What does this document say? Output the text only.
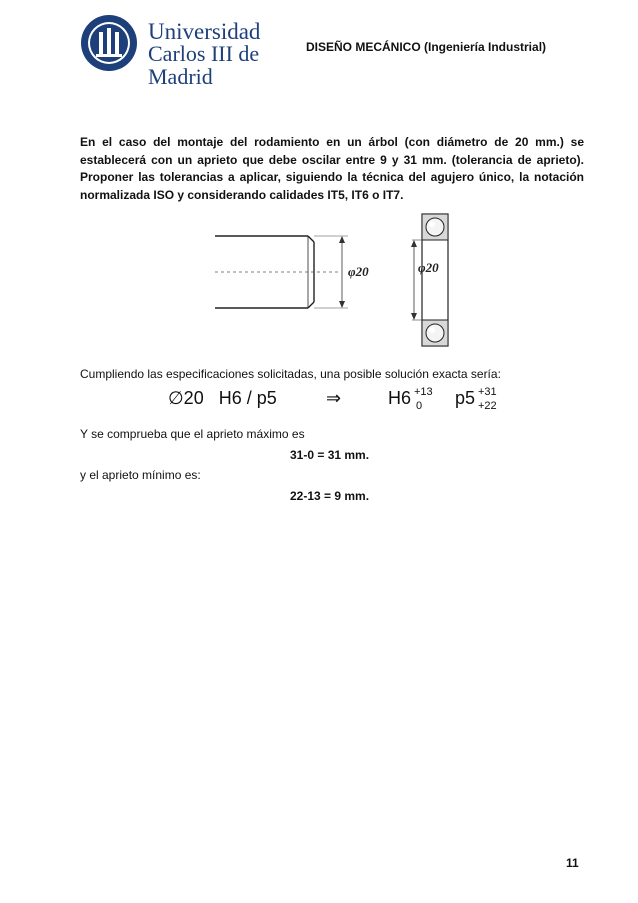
Universidad
Carlos III de Madrid
DISEÑO MECÁNICO (Ingeniería Industrial)
En el caso del montaje del rodamiento en un árbol (con diámetro de 20 mm.) se establecerá con un aprieto que debe oscilar entre 9 y 31 mm. (tolerancia de aprieto). Proponer las tolerancias a aplicar, siguiendo la técnica del agujero único, la notación normalizada ISO y considerando calidades IT5, IT6 o IT7.
φ20	φ20
Cumpliendo las especificaciones solicitadas, una posible solución exacta sería:
∅20   H6 / p5	⇒	H6 +13
0 p5 +31
+22
Y se comprueba que el aprieto máximo es
31-0 = 31 mm.
y el aprieto mínimo es:
22-13 = 9 mm.
11
